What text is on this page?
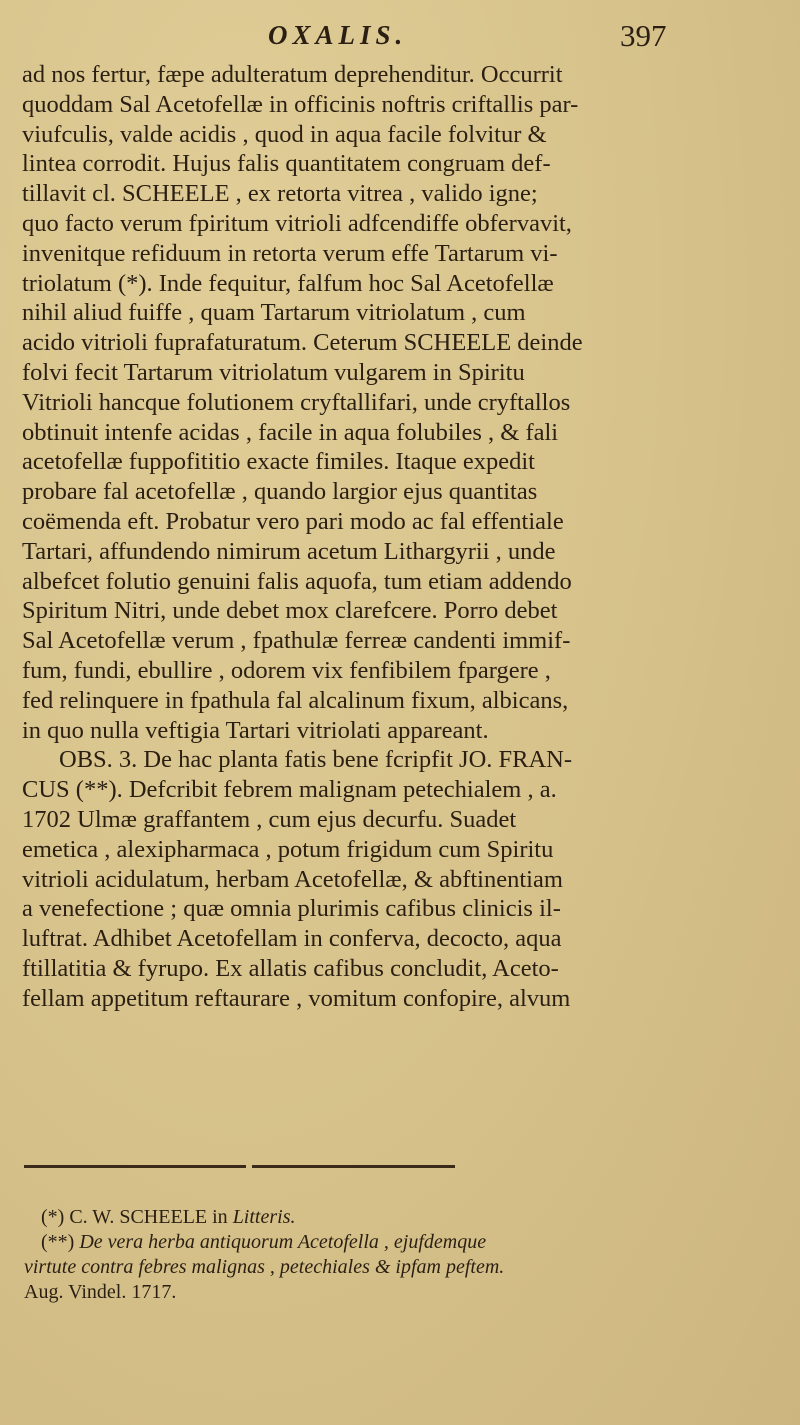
OXALIS.	397
ad nos fertur, fæpe adulteratum deprehenditur. Occurrit
quoddam Sal Acetofellæ in officinis noftris criftallis par-
viufculis, valde acidis , quod in aqua facile folvitur &
lintea corrodit. Hujus falis quantitatem congruam def-
tillavit cl. SCHEELE , ex retorta vitrea , valido igne;
quo facto verum fpiritum vitrioli adfcendiffe obfervavit,
invenitque refiduum in retorta verum effe Tartarum vi-
triolatum (*). Inde fequitur, falfum hoc Sal Acetofellæ
nihil aliud fuiffe , quam Tartarum vitriolatum , cum
acido vitrioli fuprafaturatum. Ceterum SCHEELE deinde
folvi fecit Tartarum vitriolatum vulgarem in Spiritu
Vitrioli hancque folutionem cryftallifari, unde cryftallos
obtinuit intenfe acidas , facile in aqua folubiles , & fali
acetofellæ fuppofititio exacte fimiles. Itaque expedit
probare fal acetofellæ , quando largior ejus quantitas
coëmenda eft. Probatur vero pari modo ac fal effentiale
Tartari, affundendo nimirum acetum Lithargyrii , unde
albefcet folutio genuini falis aquofa, tum etiam addendo
Spiritum Nitri, unde debet mox clarefcere. Porro debet
Sal Acetofellæ verum , fpathulæ ferreæ candenti immif-
fum, fundi, ebullire , odorem vix fenfibilem fpargere ,
fed relinquere in fpathula fal alcalinum fixum, albicans,
in quo nulla veftigia Tartari vitriolati appareant.
OBS. 3. De hac planta fatis bene fcripfit JO. FRAN-
CUS (**). Defcribit febrem malignam petechialem , a.
1702 Ulmæ graffantem , cum ejus decurfu. Suadet
emetica , alexipharmaca , potum frigidum cum Spiritu
vitrioli acidulatum, herbam Acetofellæ, & abftinentiam
a venefectione ; quæ omnia plurimis cafibus clinicis il-
luftrat. Adhibet Acetofellam in conferva, decocto, aqua
ftillatitia & fyrupo. Ex allatis cafibus concludit, Aceto-
fellam appetitum reftaurare , vomitum confopire, alvum
(*) C. W. SCHEELE in Litteris.
(**) De vera herba antiquorum Acetofella , ejufdemque
virtute contra febres malignas , petechiales & ipfam peftem.
Aug. Vindel. 1717.
